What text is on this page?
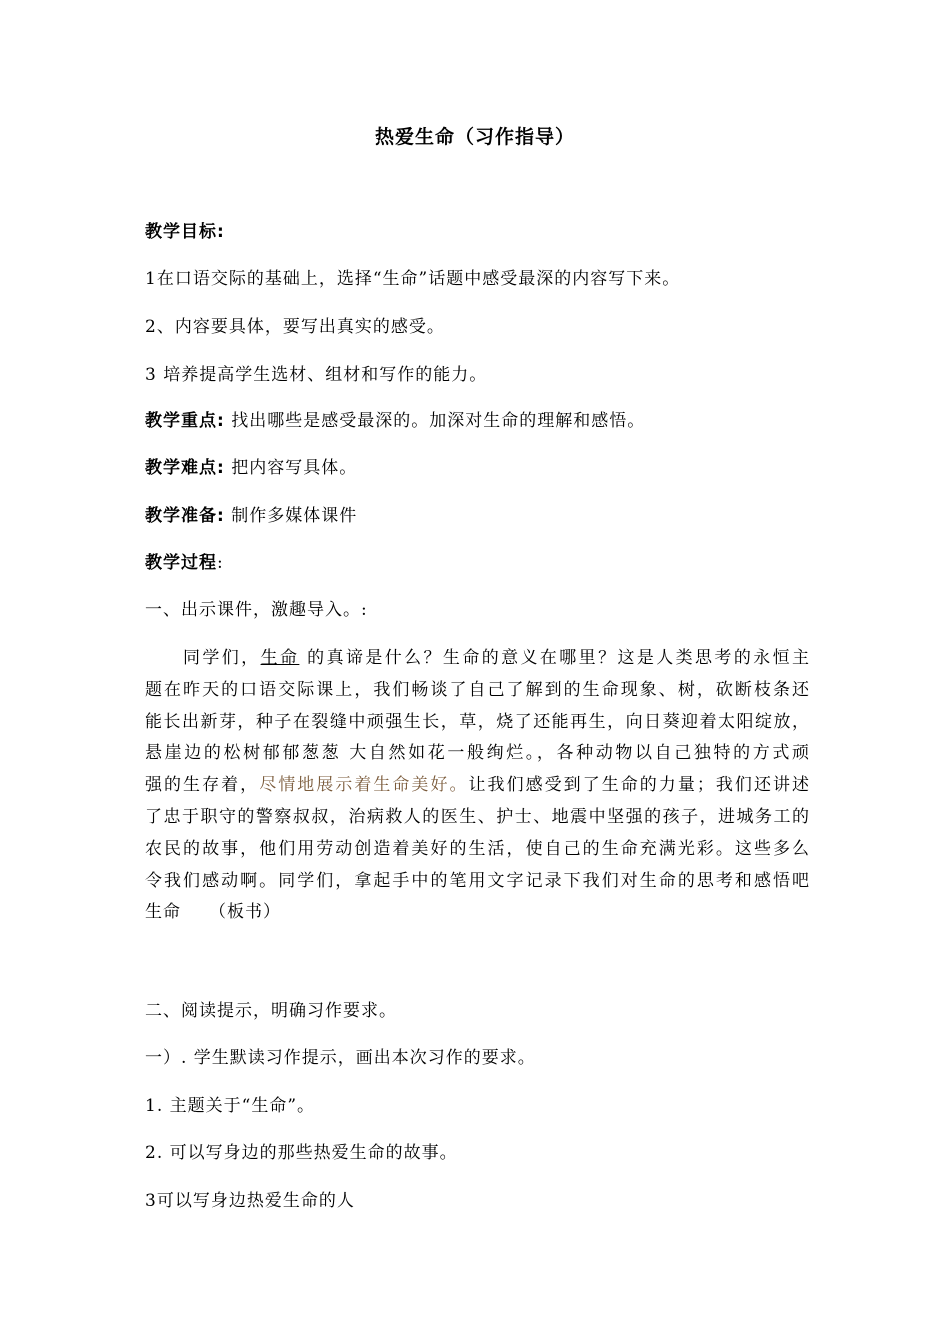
热爱生命（习作指导）
教学目标:
1在口语交际的基础上，选择“生命”话题中感受最深的内容写下来。
2、内容要具体，要写出真实的感受。
3 培养提高学生选材、组材和写作的能力。
教学重点: 找出哪些是感受最深的。加深对生命的理解和感悟。
教学难点: 把内容写具体。
教学准备: 制作多媒体课件
教学过程:
一、出示课件，激趣导入。:
同学们，生命 的真谛是什么？生命的意义在哪里？这是人类思考的永恒主
题在昨天的口语交际课上，我们畅谈了自己了解到的生命现象、树，砍断枝条还
能长出新芽，种子在裂缝中顽强生长，草，烧了还能再生，向日葵迎着太阳绽放，
悬崖边的松树郁郁葱葱 大自然如花一般绚烂。，各种动物以自己独特的方式顽
强的生存着，尽情地展示着生命美好。让我们感受到了生命的力量；我们还讲述
了忠于职守的警察叔叔，治病救人的医生、护士、地震中坚强的孩子，进城务工的
农民的故事，他们用劳动创造着美好的生活，使自己的生命充满光彩。这些多么
令我们感动啊。同学们，拿起手中的笔用文字记录下我们对生命的思考和感悟吧
生命 （板书）
二、阅读提示，明确习作要求。
一）. 学生默读习作提示，画出本次习作的要求。
1. 主题关于“生命”。
2. 可以写身边的那些热爱生命的故事。
3可以写身边热爱生命的人
